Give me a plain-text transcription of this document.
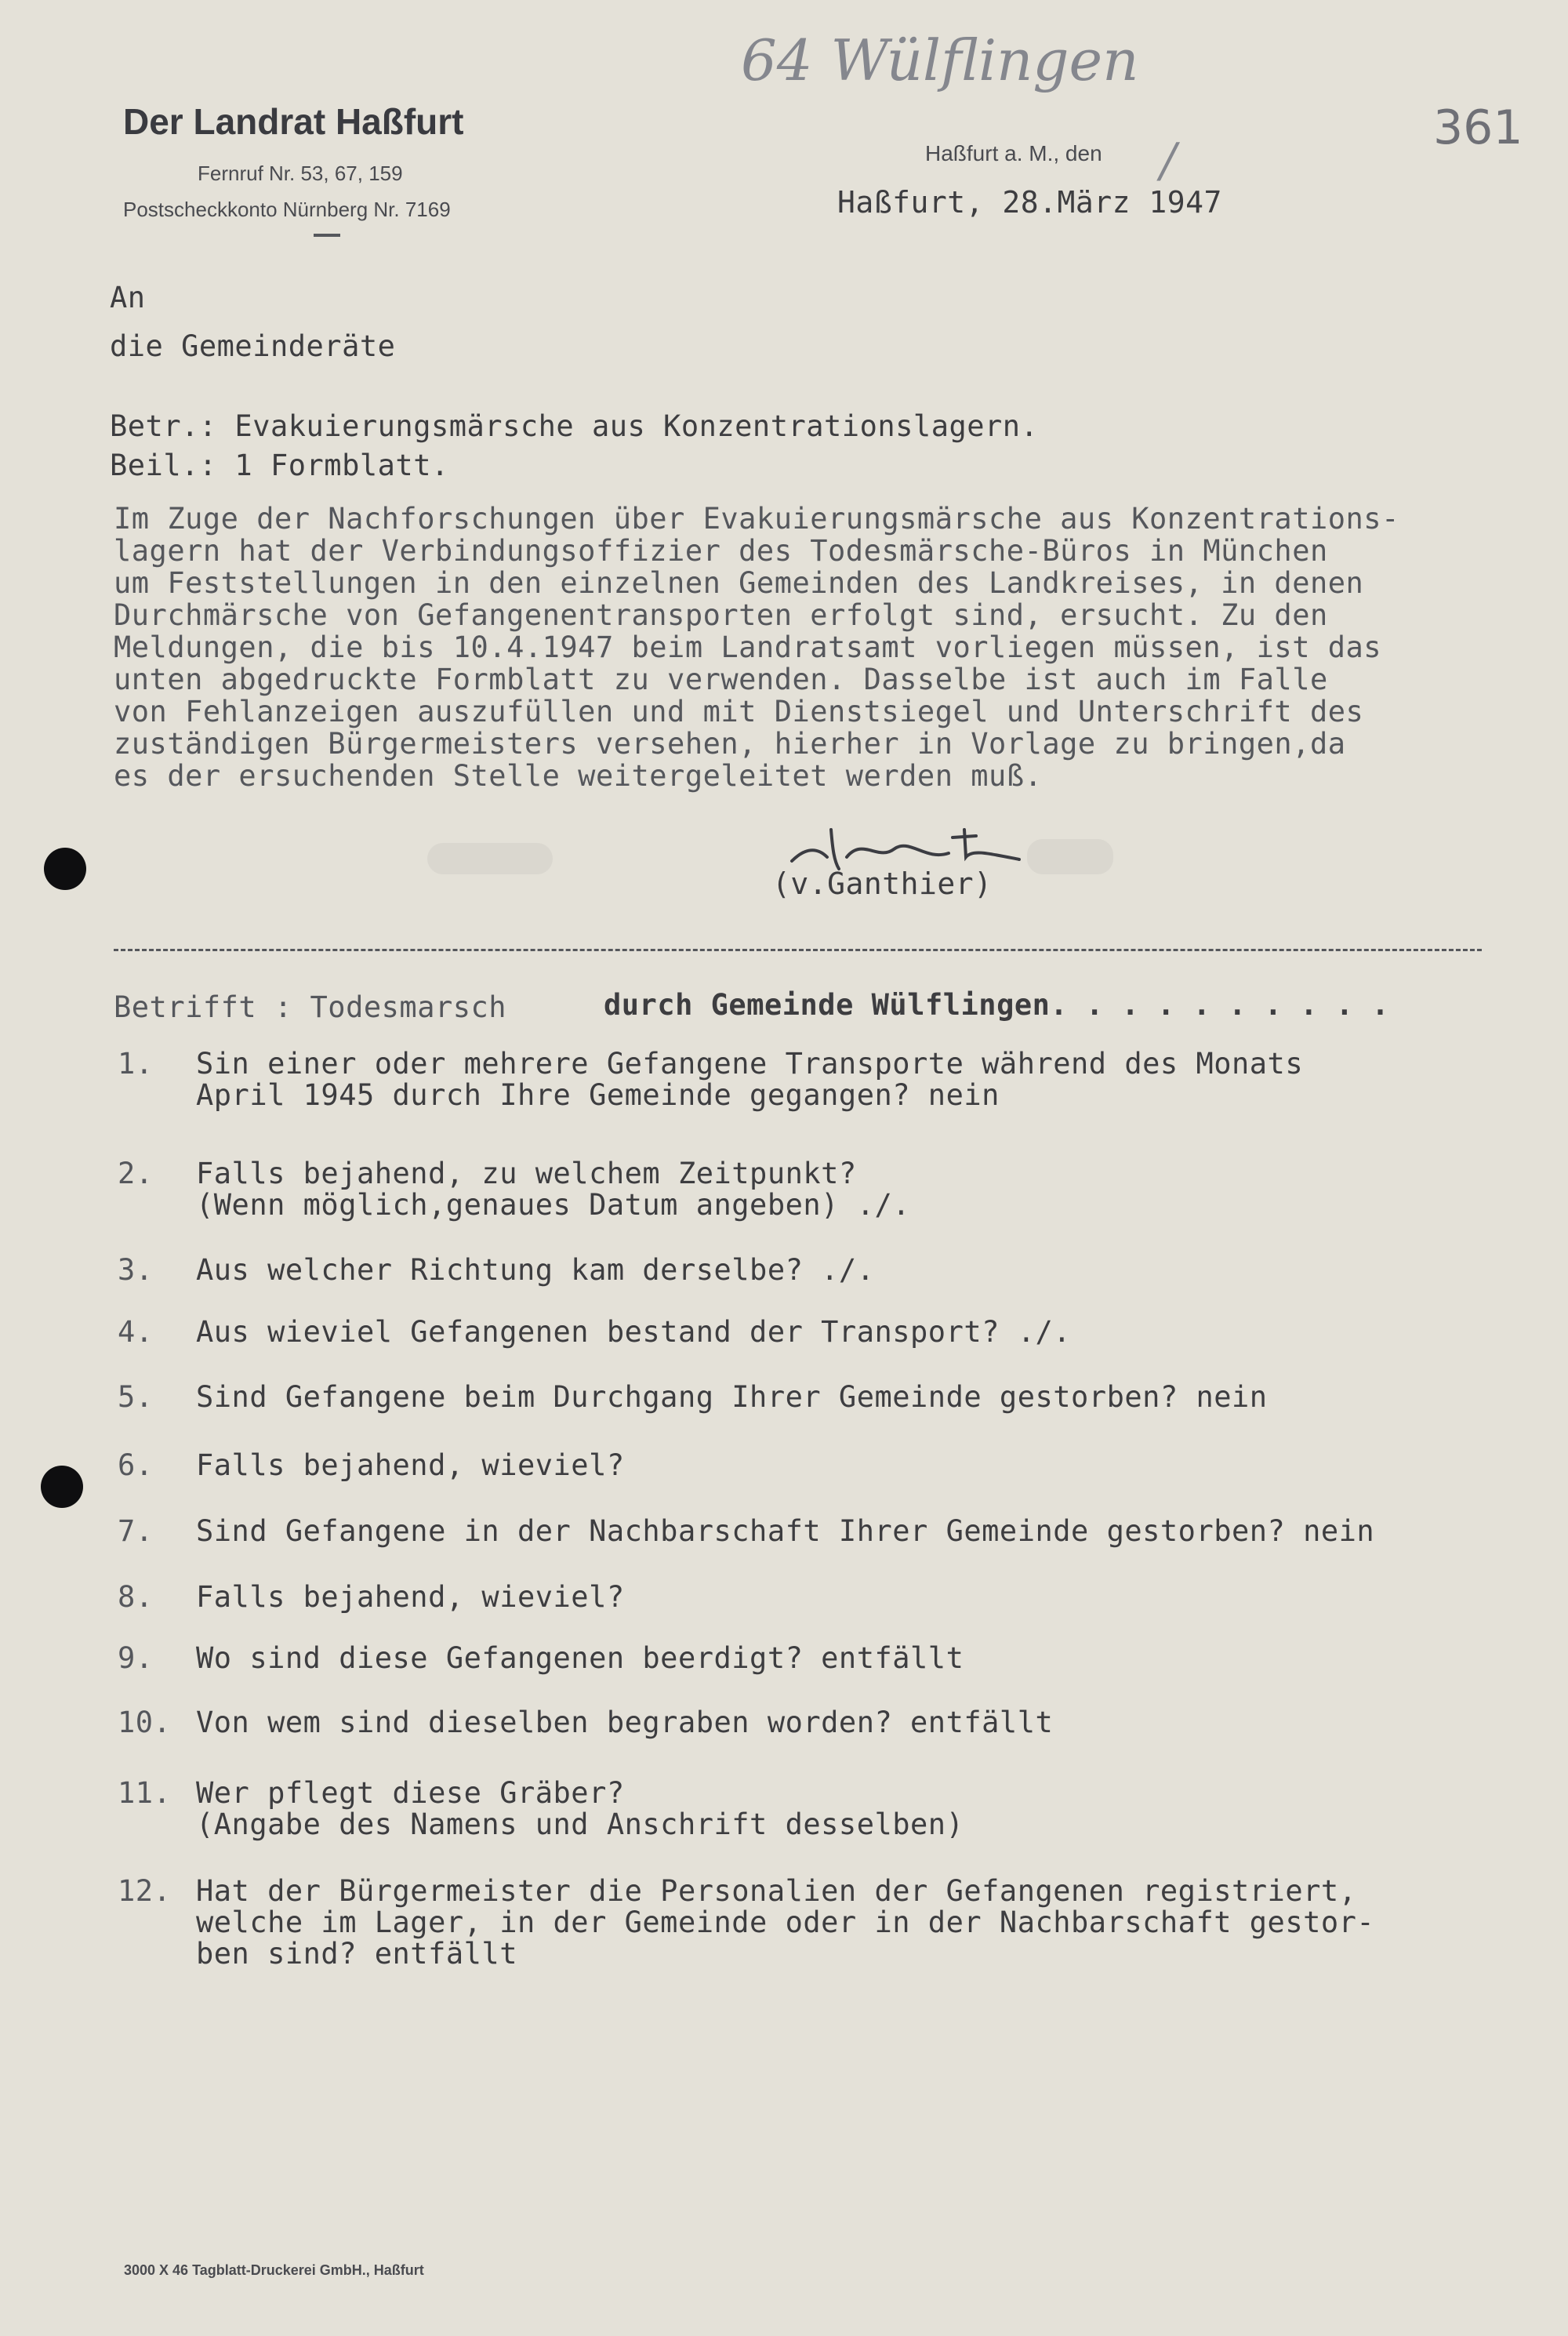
Der Landrat Haßfurt
Fernruf Nr. 53, 67, 159
Postscheckkonto Nürnberg Nr. 7169
Haßfurt a. M., den
Haßfurt, 28.März 1947
64 Wülflingen
/
361
An
die Gemeinderäte
Betr.: Evakuierungsmärsche aus Konzentrationslagern.
Beil.: 1 Formblatt.
Im Zuge der Nachforschungen über Evakuierungsmärsche aus Konzentrations-
lagern hat der Verbindungsoffizier des Todesmärsche-Büros in München
um Feststellungen in den einzelnen Gemeinden des Landkreises, in denen
Durchmärsche von Gefangenentransporten erfolgt sind, ersucht. Zu den
Meldungen, die bis 10.4.1947 beim Landratsamt vorliegen müssen, ist das
unten abgedruckte Formblatt zu verwenden. Dasselbe ist auch im Falle
von Fehlanzeigen auszufüllen und mit Dienstsiegel und Unterschrift des
zuständigen Bürgermeisters versehen, hierher in Vorlage zu bringen,da
es der ersuchenden Stelle weitergeleitet werden muß.
(v.Ganthier)
Betrifft : Todesmarsch	durch Gemeinde Wülflingen. . . . . . . . . .
1.	Sin einer oder mehrere Gefangene Transporte während des Monats
April 1945 durch Ihre Gemeinde gegangen? nein
2.	Falls bejahend, zu welchem Zeitpunkt?
(Wenn möglich,genaues Datum angeben) ./.
3.	Aus welcher Richtung kam derselbe? ./.
4.	Aus wieviel Gefangenen bestand der Transport? ./.
5.	Sind Gefangene beim Durchgang Ihrer Gemeinde gestorben? nein
6.	Falls bejahend, wieviel?
7.	Sind Gefangene in der Nachbarschaft Ihrer Gemeinde gestorben? nein
8.	Falls bejahend, wieviel?
9.	Wo sind diese Gefangenen beerdigt? entfällt
10. Von wem sind dieselben begraben worden? entfällt
11. Wer pflegt diese Gräber?
(Angabe des Namens und Anschrift desselben)
12. Hat der Bürgermeister die Personalien der Gefangenen registriert,
welche im Lager, in der Gemeinde oder in der Nachbarschaft gestor-
ben sind? entfällt
3000 X 46 Tagblatt-Druckerei GmbH., Haßfurt
